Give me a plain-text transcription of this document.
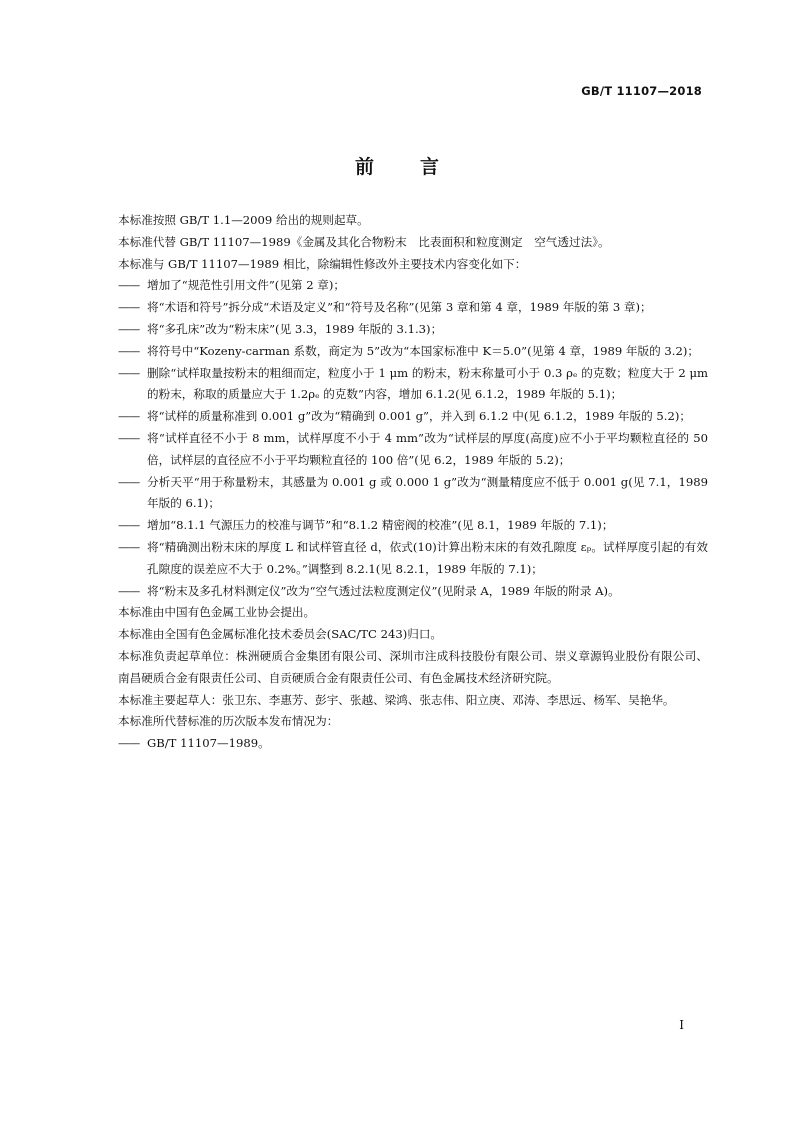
GB/T 11107—2018
前 言
本标准按照 GB/T 1.1—2009 给出的规则起草。
本标准代替 GB/T 11107—1989《金属及其化合物粉末　比表面积和粒度测定　空气透过法》。
本标准与 GB/T 11107—1989 相比，除编辑性修改外主要技术内容变化如下：
—— 增加了“规范性引用文件”(见第 2 章)；
—— 将“术语和符号”拆分成“术语及定义”和“符号及名称”(见第 3 章和第 4 章，1989 年版的第 3 章)；
—— 将“多孔床”改为“粉末床”(见 3.3，1989 年版的 3.1.3)；
—— 将符号中“Kozeny-carman 系数，商定为 5”改为“本国家标准中 K＝5.0”(见第 4 章，1989 年版的 3.2)；
—— 删除“试样取量按粉末的粗细而定，粒度小于 1 μm 的粉末，粉末称量可小于 0.3 ρₑ 的克数；粒度大于 2 μm 的粉末，称取的质量应大于 1.2ρₑ 的克数”内容，增加 6.1.2(见 6.1.2，1989 年版的 5.1)；
—— 将“试样的质量称准到 0.001 g”改为“精确到 0.001 g”，并入到 6.1.2 中(见 6.1.2，1989 年版的 5.2)；
—— 将“试样直径不小于 8 mm，试样厚度不小于 4 mm”改为“试样层的厚度(高度)应不小于平均颗粒直径的 50 倍，试样层的直径应不小于平均颗粒直径的 100 倍”(见 6.2，1989 年版的 5.2)；
—— 分析天平“用于称量粉末，其感量为 0.001 g 或 0.000 1 g”改为“测量精度应不低于 0.001 g(见 7.1，1989 年版的 6.1)；
—— 增加“8.1.1 气源压力的校准与调节”和“8.1.2 精密阀的校准”(见 8.1，1989 年版的 7.1)；
—— 将“精确测出粉末床的厚度 L 和试样管直径 d，依式(10)计算出粉末床的有效孔隙度 εₚ。试样厚度引起的有效孔隙度的误差应不大于 0.2%。”调整到 8.2.1(见 8.2.1，1989 年版的 7.1)；
—— 将“粉末及多孔材料测定仪”改为“空气透过法粒度测定仪”(见附录 A，1989 年版的附录 A)。
本标准由中国有色金属工业协会提出。
本标准由全国有色金属标准化技术委员会(SAC/TC 243)归口。
本标准负责起草单位：株洲硬质合金集团有限公司、深圳市注成科技股份有限公司、崇义章源钨业股份有限公司、南昌硬质合金有限责任公司、自贡硬质合金有限责任公司、有色金属技术经济研究院。
本标准主要起草人：张卫东、李惠芳、彭宇、张越、梁鸿、张志伟、阳立庚、邓涛、李思远、杨军、吴艳华。
本标准所代替标准的历次版本发布情况为：
—— GB/T 11107—1989。
I
